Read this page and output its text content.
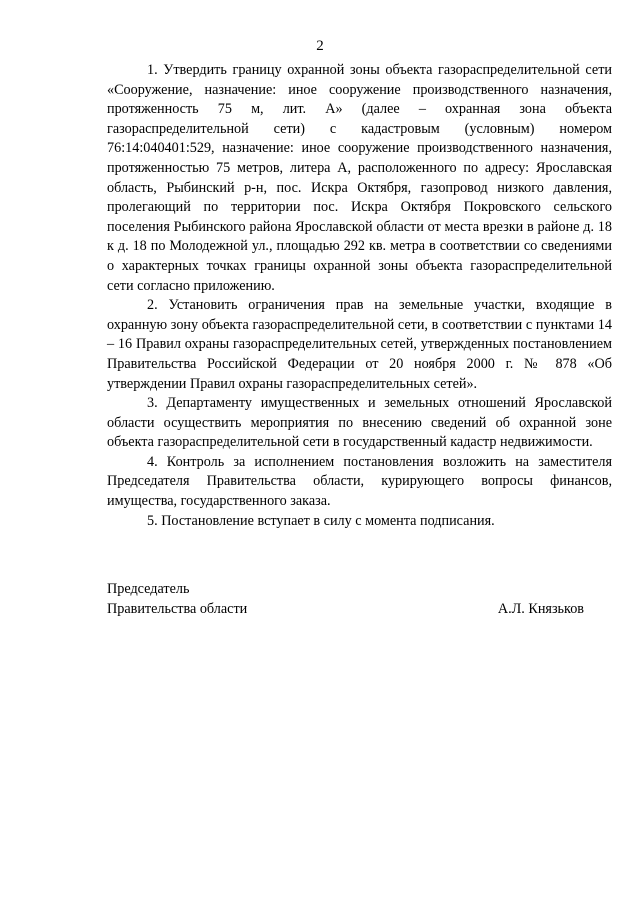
2

1. Утвердить границу охранной зоны объекта газораспределительной сети «Сооружение, назначение: иное сооружение производственного назначения, протяженность 75 м, лит. А» (далее – охранная зона объекта газораспределительной сети) с кадастровым (условным) номером 76:14:040401:529, назначение: иное сооружение производственного назначения, протяженностью 75 метров, литера А, расположенного по адресу: Ярославская область, Рыбинский р-н, пос. Искра Октября, газопровод низкого давления, пролегающий по территории пос. Искра Октября Покровского сельского поселения Рыбинского района Ярославской области от места врезки в районе д. 18 к д. 18 по Молодежной ул., площадью 292 кв. метра в соответствии со сведениями о характерных точках границы охранной зоны объекта газораспределительной сети согласно приложению.

2. Установить ограничения прав на земельные участки, входящие в охранную зону объекта газораспределительной сети, в соответствии с пунктами 14 – 16 Правил охраны газораспределительных сетей, утвержденных постановлением Правительства Российской Федерации от 20 ноября 2000 г. № 878 «Об утверждении Правил охраны газораспределительных сетей».

3. Департаменту имущественных и земельных отношений Ярославской области осуществить мероприятия по внесению сведений об охранной зоне объекта газораспределительной сети в государственный кадастр недвижимости.

4. Контроль за исполнением постановления возложить на заместителя Председателя Правительства области, курирующего вопросы финансов, имущества, государственного заказа.

5. Постановление вступает в силу с момента подписания.

Председатель
Правительства области	А.Л. Князьков
